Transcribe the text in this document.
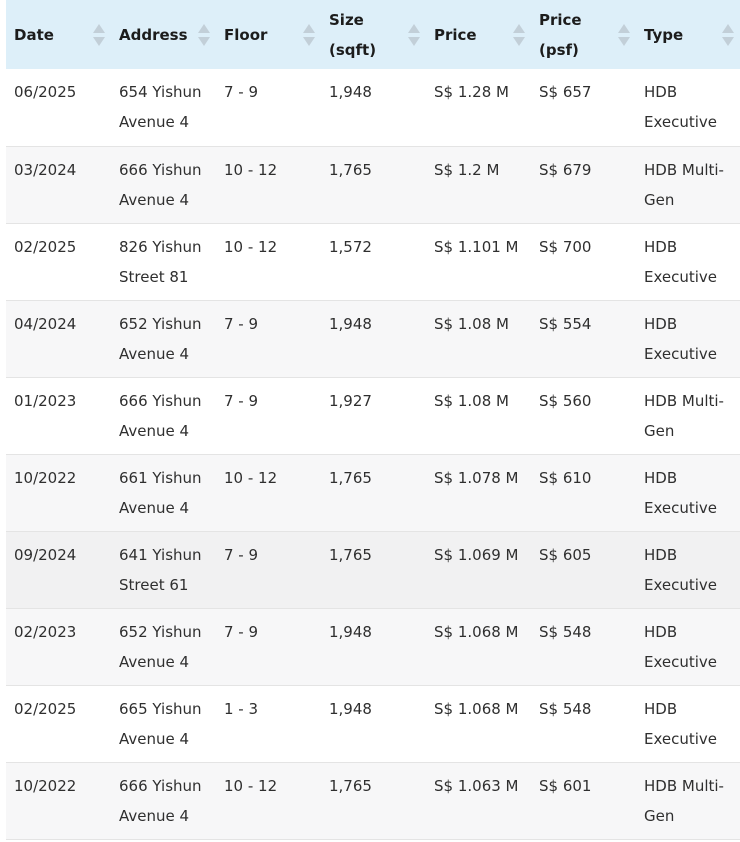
Date	Address	Floor	Size (sqft)	Price	Price (psf)	Type

06/2025	654 Yishun Avenue 4	7 - 9	1,948	S$ 1.28 M	S$ 657	HDB Executive
03/2024	666 Yishun Avenue 4	10 - 12	1,765	S$ 1.2 M	S$ 679	HDB Multi-Gen
02/2025	826 Yishun Street 81	10 - 12	1,572	S$ 1.101 M	S$ 700	HDB Executive
04/2024	652 Yishun Avenue 4	7 - 9	1,948	S$ 1.08 M	S$ 554	HDB Executive
01/2023	666 Yishun Avenue 4	7 - 9	1,927	S$ 1.08 M	S$ 560	HDB Multi-Gen
10/2022	661 Yishun Avenue 4	10 - 12	1,765	S$ 1.078 M	S$ 610	HDB Executive
09/2024	641 Yishun Street 61	7 - 9	1,765	S$ 1.069 M	S$ 605	HDB Executive
02/2023	652 Yishun Avenue 4	7 - 9	1,948	S$ 1.068 M	S$ 548	HDB Executive
02/2025	665 Yishun Avenue 4	1 - 3	1,948	S$ 1.068 M	S$ 548	HDB Executive
10/2022	666 Yishun Avenue 4	10 - 12	1,765	S$ 1.063 M	S$ 601	HDB Multi-Gen
